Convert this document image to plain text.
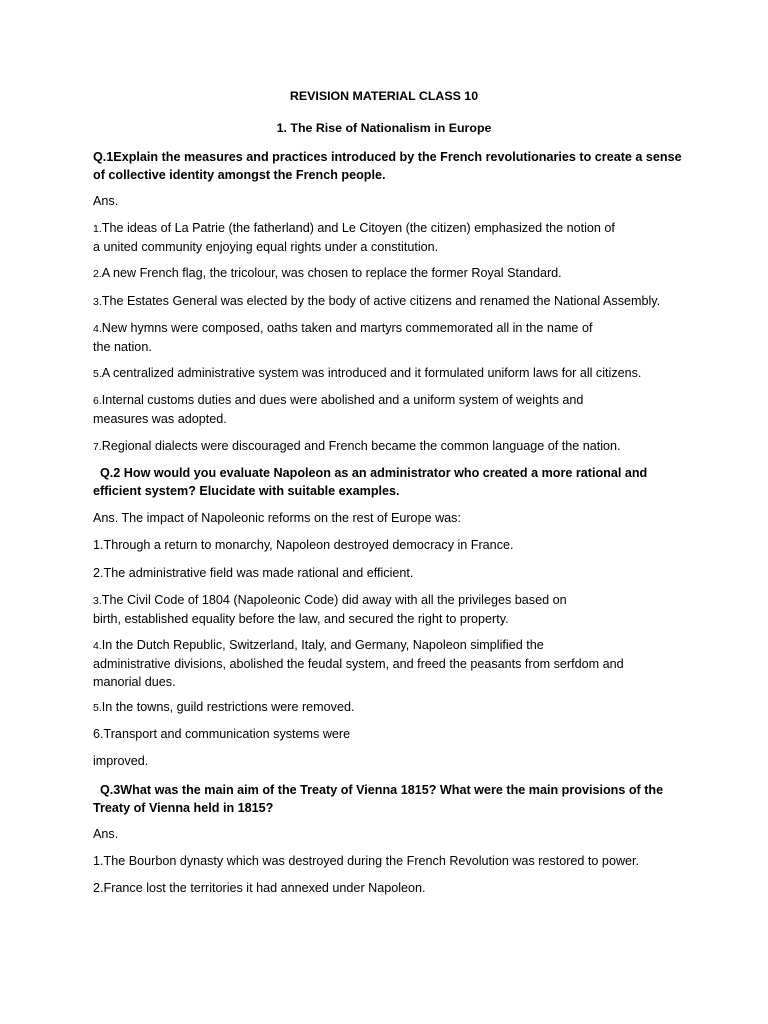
REVISION MATERIAL CLASS 10
1. The Rise of Nationalism in Europe

Q.1Explain the measures and practices introduced by the French revolutionaries to create a sense
of collective identity amongst the French people.

Ans.

1.The ideas of La Patrie (the fatherland) and Le Citoyen (the citizen) emphasized the notion of
a united community enjoying equal rights under a constitution.

2.A new French flag, the tricolour, was chosen to replace the former Royal Standard.

3.The Estates General was elected by the body of active citizens and renamed the National Assembly.

4.New hymns were composed, oaths taken and martyrs commemorated all in the name of
the nation.

5.A centralized administrative system was introduced and it formulated uniform laws for all citizens.

6.Internal customs duties and dues were abolished and a uniform system of weights and
measures was adopted.

7.Regional dialects were discouraged and French became the common language of the nation.

Q.2 How would you evaluate Napoleon as an administrator who created a more rational and
efficient system? Elucidate with suitable examples.

Ans. The impact of Napoleonic reforms on the rest of Europe was:

1.Through a return to monarchy, Napoleon destroyed democracy in France.

2.The administrative field was made rational and efficient.

3.The Civil Code of 1804 (Napoleonic Code) did away with all the privileges based on
birth, established equality before the law, and secured the right to property.

4.In the Dutch Republic, Switzerland, Italy, and Germany, Napoleon simplified the
administrative divisions, abolished the feudal system, and freed the peasants from serfdom and
manorial dues.

5.In the towns, guild restrictions were removed.

6.Transport and communication systems were

improved.

Q.3What was the main aim of the Treaty of Vienna 1815? What were the main provisions of the
Treaty of Vienna held in 1815?

Ans.

1.The Bourbon dynasty which was destroyed during the French Revolution was restored to power.

2.France lost the territories it had annexed under Napoleon.
